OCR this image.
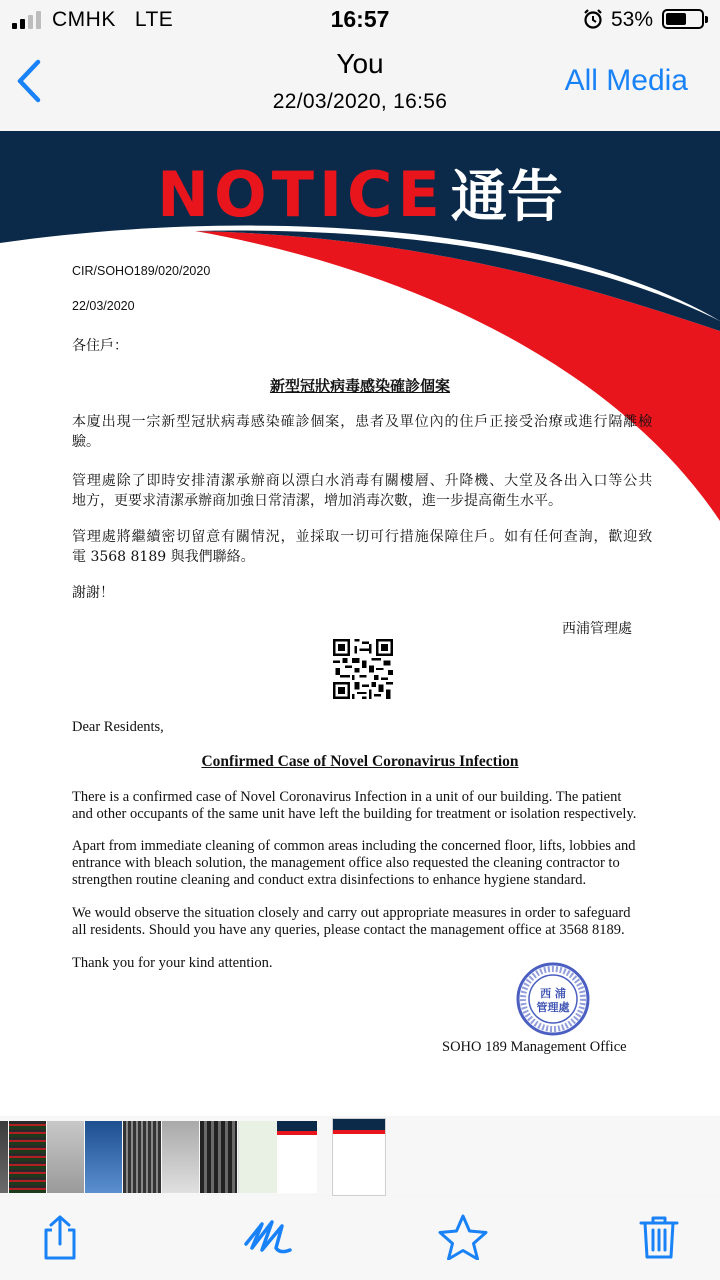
CMHK LTE	16:57	53%
You
22/03/2020, 16:56
All Media
NOTICE 通告
CIR/SOHO189/020/2020
22/03/2020
各住戶：
新型冠狀病毒感染確診個案
本廈出現一宗新型冠狀病毒感染確診個案，患者及單位內的住戶正接受治療或進行隔離檢
驗。
管理處除了即時安排清潔承辦商以漂白水消毒有關樓層、升降機、大堂及各出入口等公共
地方，更要求清潔承辦商加強日常清潔，增加消毒次數，進一步提高衛生水平。
管理處將繼續密切留意有關情況，並採取一切可行措施保障住戶。如有任何查詢，歡迎致
電 3568 8189 與我們聯絡。
謝謝！
西浦管理處
Dear Residents,
Confirmed Case of Novel Coronavirus Infection
There is a confirmed case of Novel Coronavirus Infection in a unit of our building. The patient
and other occupants of the same unit have left the building for treatment or isolation respectively.
Apart from immediate cleaning of common areas including the concerned floor, lifts, lobbies and
entrance with bleach solution, the management office also requested the cleaning contractor to
strengthen routine cleaning and conduct extra disinfections to enhance hygiene standard.
We would observe the situation closely and carry out appropriate measures in order to safeguard
all residents. Should you have any queries, please contact the management office at 3568 8189.
Thank you for your kind attention.
西 浦
管理處
SOHO 189 Management Office
